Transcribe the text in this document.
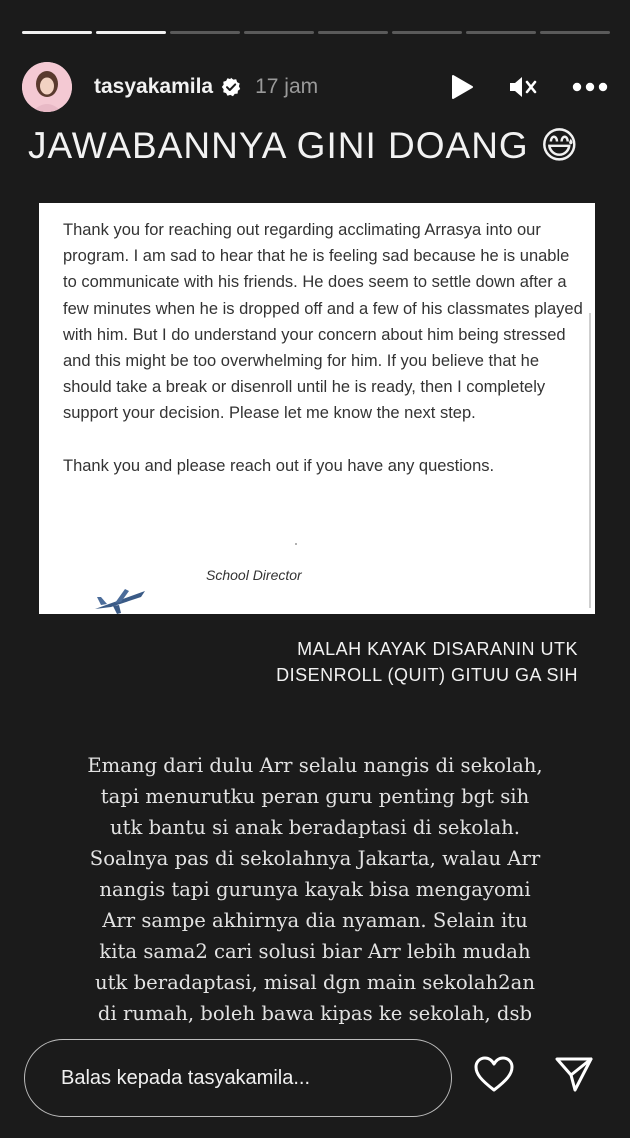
tasyakamila 17 jam
JAWABANNYA GINI DOANG 😅

Thank you for reaching out regarding acclimating Arrasya into our program. I am sad to hear that he is feeling sad because he is unable to communicate with his friends. He does seem to settle down after a few minutes when he is dropped off and a few of his classmates played with him. But I do understand your concern about him being stressed and this might be too overwhelming for him. If you believe that he should take a break or disenroll until he is ready, then I completely support your decision. Please let me know the next step.

Thank you and please reach out if you have any questions.

School Director
MALAH KAYAK DISARANIN UTK
DISENROLL (QUIT) GITUU GA SIH
Emang dari dulu Arr selalu nangis di sekolah,
tapi menurutku peran guru penting bgt sih
utk bantu si anak beradaptasi di sekolah.
Soalnya pas di sekolahnya Jakarta, walau Arr
nangis tapi gurunya kayak bisa mengayomi
Arr sampe akhirnya dia nyaman. Selain itu
kita sama2 cari solusi biar Arr lebih mudah
utk beradaptasi, misal dgn main sekolah2an
di rumah, boleh bawa kipas ke sekolah, dsb
Balas kepada tasyakamila...
